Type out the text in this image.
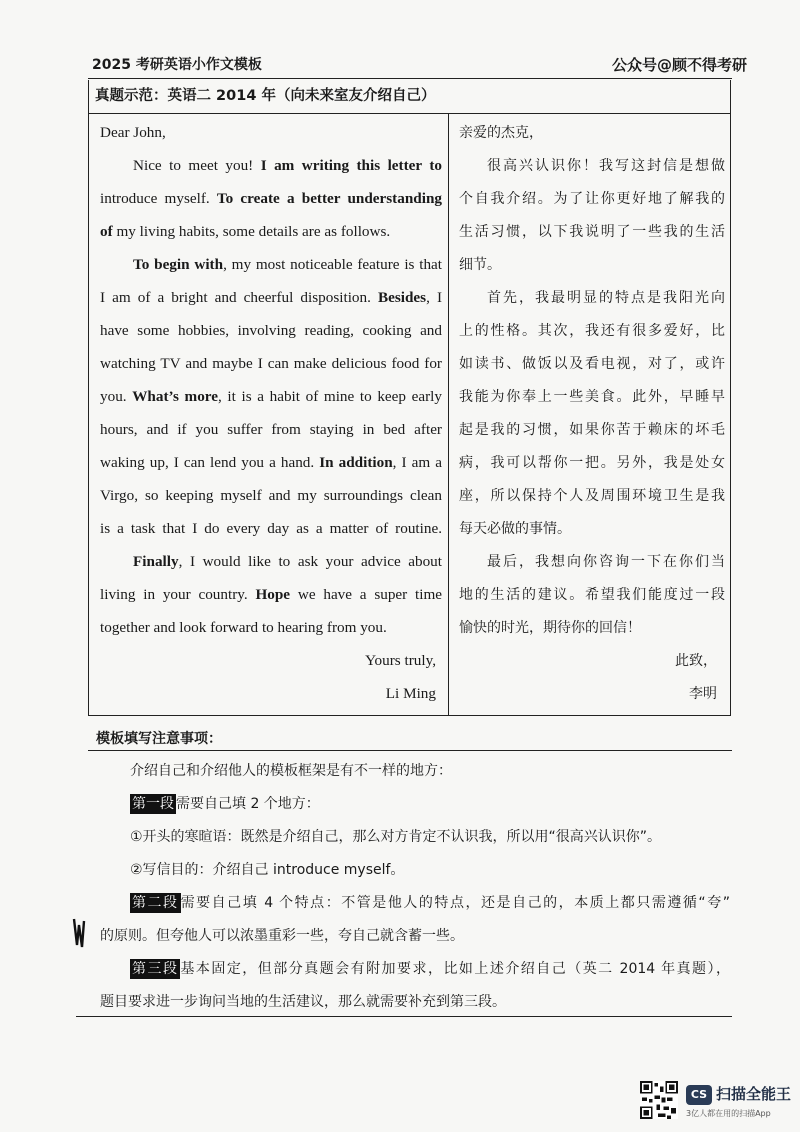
2025 考研英语小作文模板	公众号@顾不得考研
真题示范：英语二 2014 年（向未来室友介绍自己）
Dear John,
Nice to meet you! I am writing this letter to
introduce myself. To create a better understanding
of my living habits, some details are as follows.
To begin with, my most noticeable feature is that
I am of a bright and cheerful disposition. Besides, I
have some hobbies, involving reading, cooking and
watching TV and maybe I can make delicious food for
you. What’s more, it is a habit of mine to keep early
hours, and if you suffer from staying in bed after
waking up, I can lend you a hand. In addition, I am a
Virgo, so keeping myself and my surroundings clean
is a task that I do every day as a matter of routine.
Finally, I would like to ask your advice about
living in your country. Hope we have a super time
together and look forward to hearing from you.
Yours truly,
Li Ming
亲爱的杰克，
很高兴认识你！我写这封信是想做
个自我介绍。为了让你更好地了解我的
生活习惯，以下我说明了一些我的生活
细节。
首先，我最明显的特点是我阳光向
上的性格。其次，我还有很多爱好，比
如读书、做饭以及看电视，对了，或许
我能为你奉上一些美食。此外，早睡早
起是我的习惯，如果你苦于赖床的坏毛
病，我可以帮你一把。另外，我是处女
座，所以保持个人及周围环境卫生是我
每天必做的事情。
最后，我想向你咨询一下在你们当
地的生活的建议。希望我们能度过一段
愉快的时光，期待你的回信！
此致，
李明
模板填写注意事项：
介绍自己和介绍他人的模板框架是有不一样的地方：
第一段 需要自己填 2 个地方：
①开头的寒暄语：既然是介绍自己，那么对方肯定不认识我，所以用“很高兴认识你”。
②写信目的：介绍自己 introduce myself。
第二段 需要自己填 4 个特点：不管是他人的特点，还是自己的，本质上都只需遵循“夸”
的原则。但夸他人可以浓墨重彩一些，夸自己就含蓄一些。
第三段 基本固定，但部分真题会有附加要求，比如上述介绍自己（英二 2014 年真题），
题目要求进一步询问当地的生活建议，那么就需要补充到第三段。
CS 扫描全能王
3亿人都在用的扫描App
